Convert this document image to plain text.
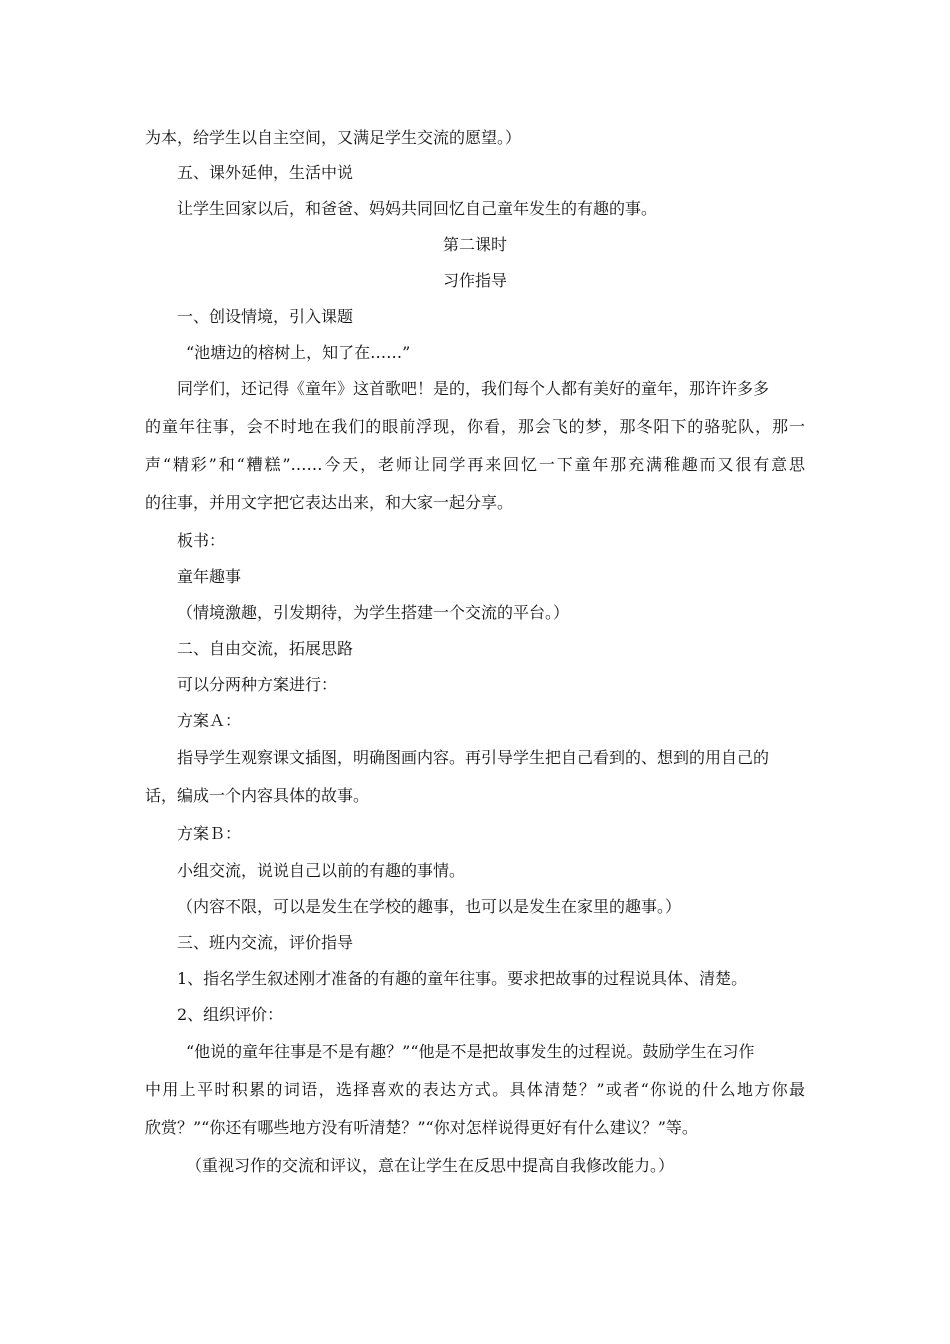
为本，给学生以自主空间，又满足学生交流的愿望。）
五、课外延伸，生活中说
让学生回家以后，和爸爸、妈妈共同回忆自己童年发生的有趣的事。
第二课时
习作指导
一、创设情境，引入课题
“池塘边的榕树上，知了在……”
同学们，还记得《童年》这首歌吧！是的，我们每个人都有美好的童年，那许许多多
的童年往事，会不时地在我们的眼前浮现，你看，那会飞的梦，那冬阳下的骆驼队，那一
声“精彩”和“糟糕”……今天，老师让同学再来回忆一下童年那充满稚趣而又很有意思
的往事，并用文字把它表达出来，和大家一起分享。
板书：
童年趣事
（情境激趣，引发期待，为学生搭建一个交流的平台。）
二、自由交流，拓展思路
可以分两种方案进行：
方案Ａ：
指导学生观察课文插图，明确图画内容。再引导学生把自己看到的、想到的用自己的
话，编成一个内容具体的故事。
方案Ｂ：
小组交流，说说自己以前的有趣的事情。
（内容不限，可以是发生在学校的趣事，也可以是发生在家里的趣事。）
三、班内交流，评价指导
1、指名学生叙述刚才准备的有趣的童年往事。要求把故事的过程说具体、清楚。
2、组织评价：
“他说的童年往事是不是有趣？”“他是不是把故事发生的过程说。鼓励学生在习作
中用上平时积累的词语，选择喜欢的表达方式。具体清楚？”或者“你说的什么地方你最
欣赏？”“你还有哪些地方没有听清楚？”“你对怎样说得更好有什么建议？”等。
（重视习作的交流和评议，意在让学生在反思中提高自我修改能力。）
